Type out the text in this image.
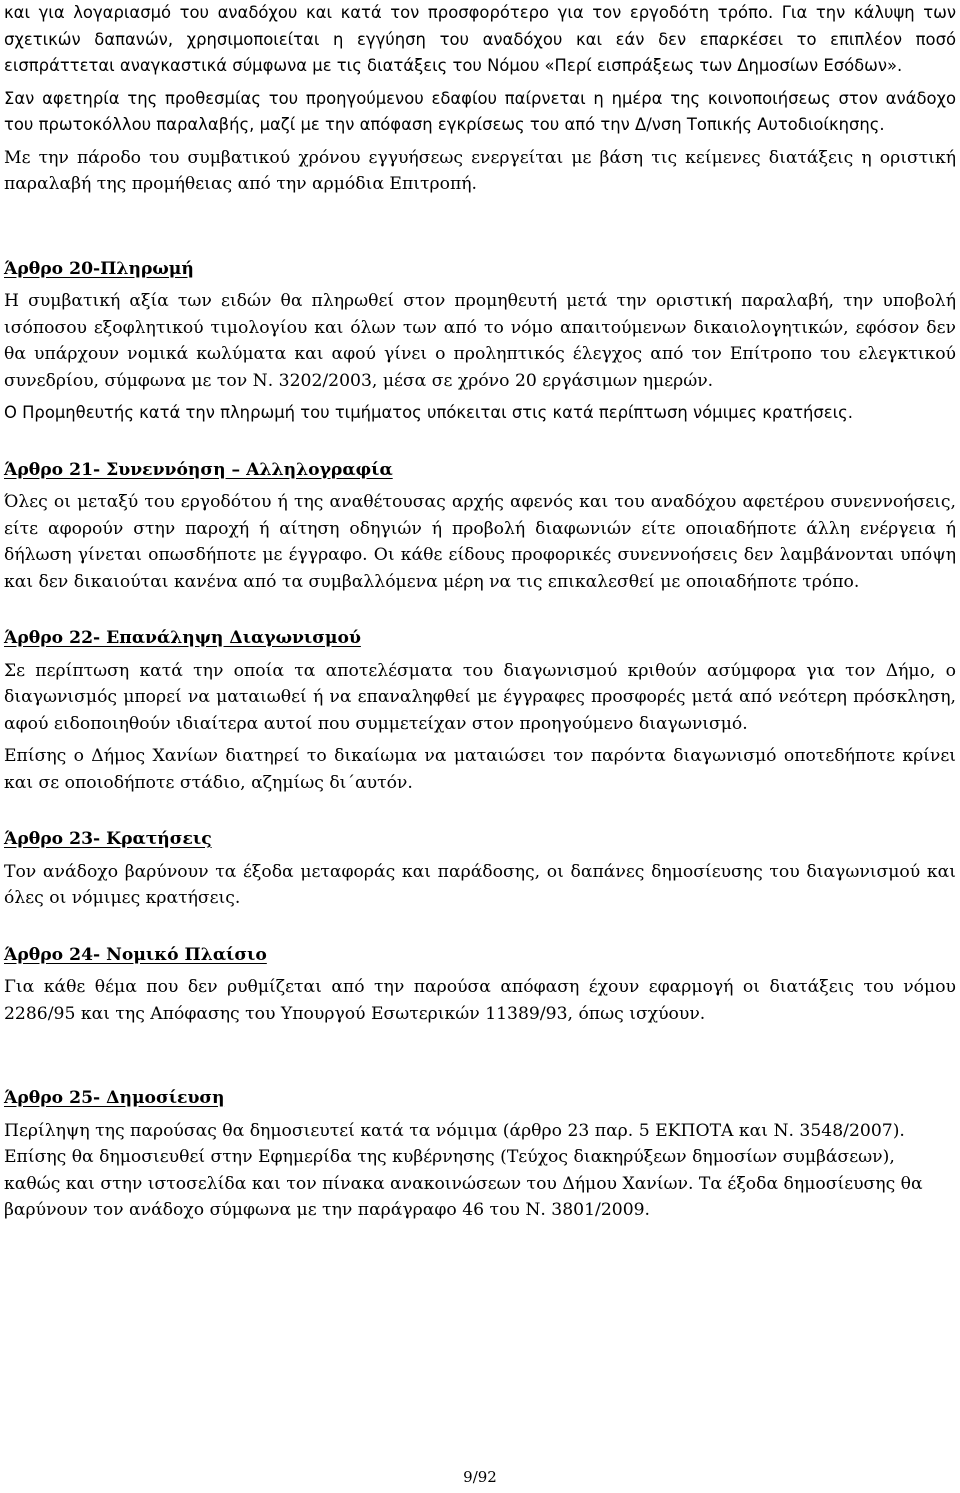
και για λογαριασμό του αναδόχου και κατά τον προσφορότερο για τον εργοδότη τρόπο. Για την κάλυψη των σχετικών δαπανών, χρησιμοποιείται η εγγύηση του αναδόχου και εάν δεν επαρκέσει το επιπλέον ποσό εισπράττεται αναγκαστικά σύμφωνα με τις διατάξεις του Νόμου «Περί εισπράξεως των Δημοσίων Εσόδων».

Σαν αφετηρία της προθεσμίας του προηγούμενου εδαφίου παίρνεται η ημέρα της κοινοποιήσεως στον ανάδοχο του πρωτοκόλλου παραλαβής, μαζί με την απόφαση εγκρίσεως του από την Δ/νση Τοπικής Αυτοδιοίκησης.

Με την πάροδο του συμβατικού χρόνου εγγυήσεως ενεργείται με βάση τις κείμενες διατάξεις η οριστική παραλαβή της προμήθειας από την αρμόδια Επιτροπή.

Άρθρο 20-Πληρωμή

Η συμβατική αξία των ειδών θα πληρωθεί στον προμηθευτή μετά την οριστική παραλαβή, την υποβολή ισόποσου εξοφλητικού τιμολογίου και όλων των από το νόμο απαιτούμενων δικαιολογητικών, εφόσον δεν θα υπάρχουν νομικά κωλύματα και αφού γίνει ο προληπτικός έλεγχος από τον Επίτροπο του ελεγκτικού συνεδρίου, σύμφωνα με τον Ν. 3202/2003, μέσα σε χρόνο 20 εργάσιμων ημερών.

Ο Προμηθευτής κατά την πληρωμή του τιμήματος υπόκειται στις κατά περίπτωση νόμιμες κρατήσεις.

Άρθρο 21- Συνεννόηση – Αλληλογραφία

Όλες οι μεταξύ του εργοδότου ή της αναθέτουσας αρχής αφενός και του αναδόχου αφετέρου συνεννοήσεις, είτε αφορούν στην παροχή ή αίτηση οδηγιών ή προβολή διαφωνιών είτε οποιαδήποτε άλλη ενέργεια ή δήλωση γίνεται οπωσδήποτε με έγγραφο. Οι κάθε είδους προφορικές συνεννοήσεις δεν λαμβάνονται υπόψη και δεν δικαιούται κανένα από τα συμβαλλόμενα μέρη να τις επικαλεσθεί με οποιαδήποτε τρόπο.

Άρθρο 22- Επανάληψη Διαγωνισμού

Σε περίπτωση κατά την οποία τα αποτελέσματα του διαγωνισμού κριθούν ασύμφορα για τον Δήμο, ο διαγωνισμός μπορεί να ματαιωθεί ή να επαναληφθεί με έγγραφες προσφορές μετά από νεότερη πρόσκληση, αφού ειδοποιηθούν ιδιαίτερα αυτοί που συμμετείχαν στον προηγούμενο διαγωνισμό.

Επίσης ο Δήμος Χανίων διατηρεί το δικαίωμα να ματαιώσει τον παρόντα διαγωνισμό οποτεδήποτε κρίνει και σε οποιοδήποτε στάδιο, αζημίως δι΄αυτόν.

Άρθρο 23- Κρατήσεις

Τον ανάδοχο βαρύνουν τα έξοδα μεταφοράς και παράδοσης, οι δαπάνες δημοσίευσης του διαγωνισμού και όλες οι νόμιμες κρατήσεις.

Άρθρο 24- Νομικό Πλαίσιο

Για κάθε θέμα που δεν ρυθμίζεται από την παρούσα απόφαση έχουν εφαρμογή οι διατάξεις του νόμου 2286/95 και της Απόφασης του Υπουργού Εσωτερικών 11389/93, όπως ισχύουν.

Άρθρο 25- Δημοσίευση

Περίληψη της παρούσας θα δημοσιευτεί κατά τα νόμιμα (άρθρο 23 παρ. 5 ΕΚΠΟΤΑ και Ν. 3548/2007). Επίσης θα δημοσιευθεί στην Εφημερίδα της κυβέρνησης (Τεύχος διακηρύξεων δημοσίων συμβάσεων), καθώς και στην ιστοσελίδα και τον πίνακα ανακοινώσεων του Δήμου Χανίων. Τα έξοδα δημοσίευσης θα βαρύνουν τον ανάδοχο σύμφωνα με την παράγραφο 46 του Ν. 3801/2009.

9/92
